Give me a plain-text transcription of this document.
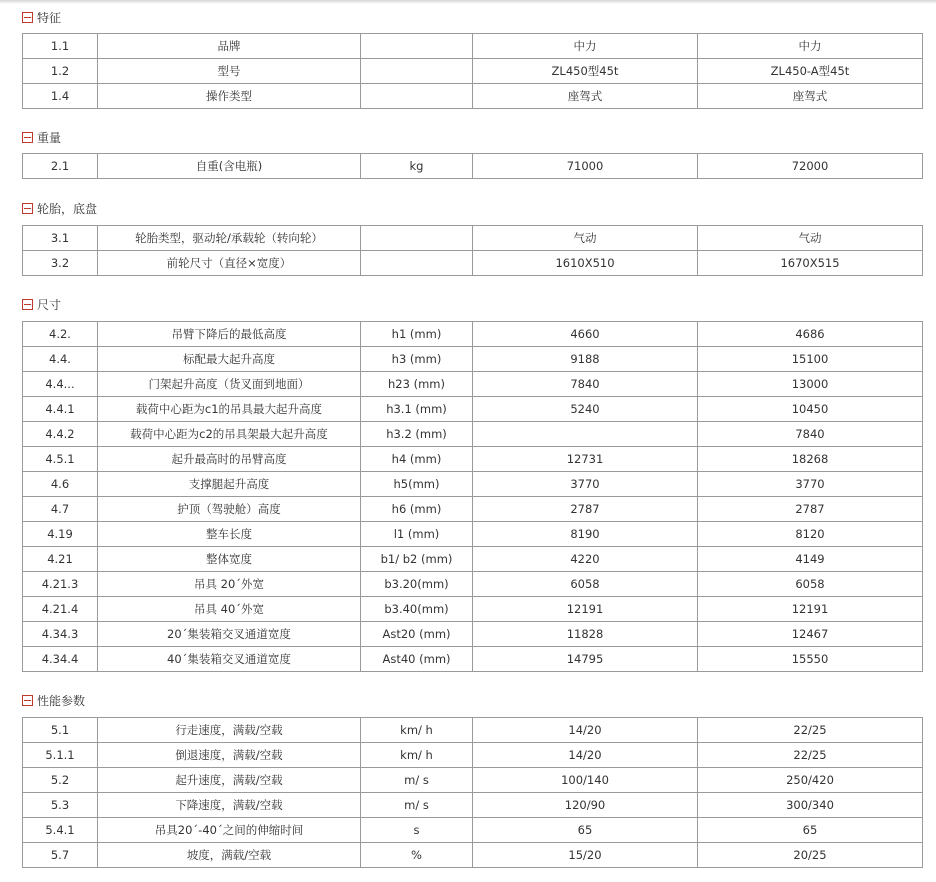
特征
1.1	品牌		中力	中力
1.2	型号		ZL450型45t	ZL450-A型45t
1.4	操作类型		座驾式	座驾式
重量
2.1	自重(含电瓶)	kg	71000	72000
轮胎，底盘
3.1	轮胎类型，驱动轮/承载轮（转向轮）		气动	气动
3.2	前轮尺寸（直径×宽度）		1610X510	1670X515
尺寸
4.2.	吊臂下降后的最低高度	h1 (mm)	4660	4686
4.4.	标配最大起升高度	h3 (mm)	9188	15100
4.4...	门架起升高度（货叉面到地面）	h23 (mm)	7840	13000
4.4.1	载荷中心距为c1的吊具最大起升高度	h3.1 (mm)	5240	10450
4.4.2	载荷中心距为c2的吊具架最大起升高度	h3.2 (mm)		7840
4.5.1	起升最高时的吊臂高度	h4 (mm)	12731	18268
4.6	支撑腿起升高度	h5(mm)	3770	3770
4.7	护顶（驾驶舱）高度	h6 (mm)	2787	2787
4.19	整车长度	l1 (mm)	8190	8120
4.21	整体宽度	b1/ b2 (mm)	4220	4149
4.21.3	吊具 20´外宽	b3.20(mm)	6058	6058
4.21.4	吊具 40´外宽	b3.40(mm)	12191	12191
4.34.3	20´集装箱交叉通道宽度	Ast20 (mm)	11828	12467
4.34.4	40´集装箱交叉通道宽度	Ast40 (mm)	14795	15550
性能参数
5.1	行走速度，满载/空载	km/ h	14/20	22/25
5.1.1	倒退速度，满载/空载	km/ h	14/20	22/25
5.2	起升速度，满载/空载	m/ s	100/140	250/420
5.3	下降速度，满载/空载	m/ s	120/90	300/340
5.4.1	吊具20´-40´之间的伸缩时间	s	65	65
5.7	坡度，满载/空载	%	15/20	20/25
